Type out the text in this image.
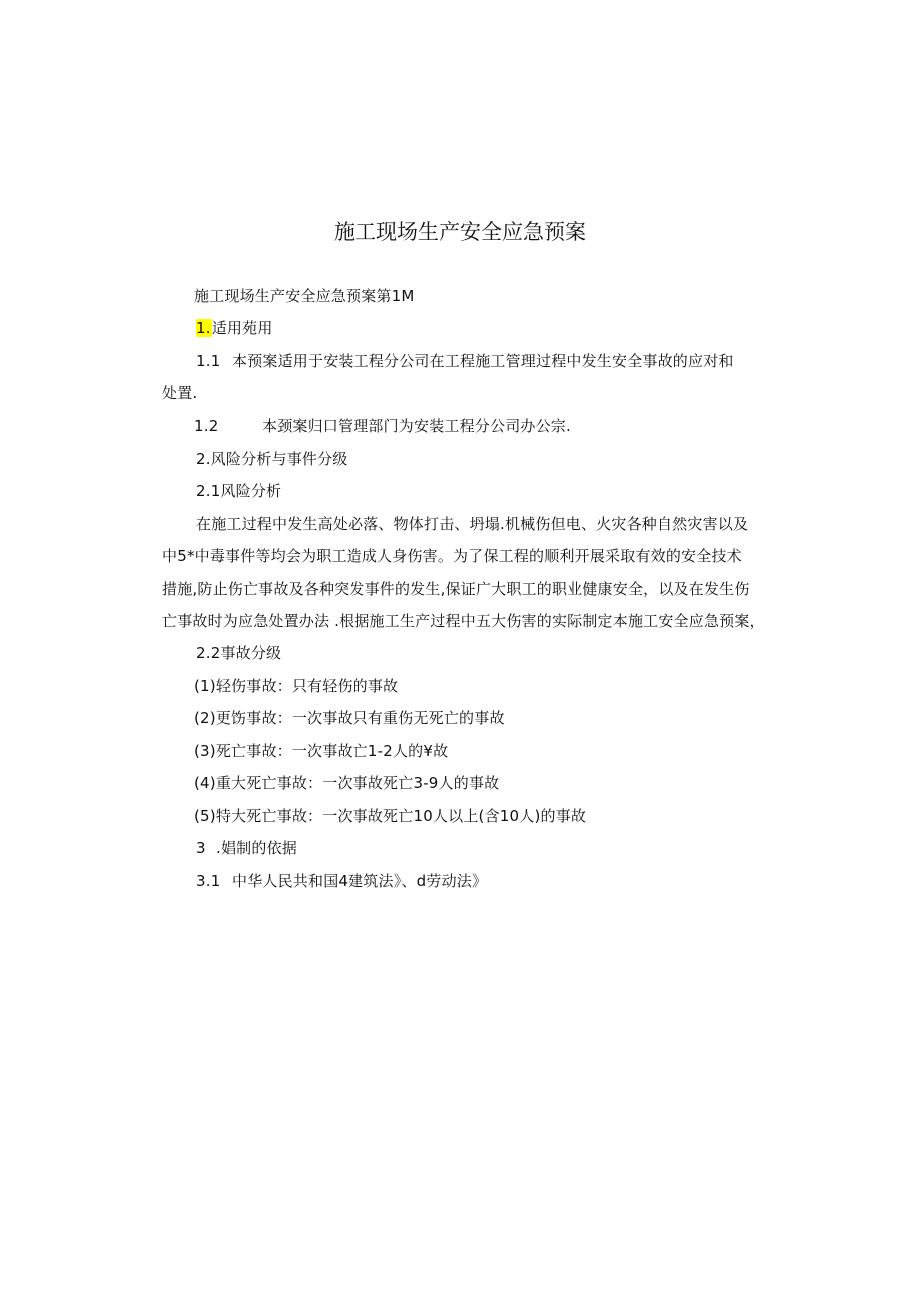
施工现场生产安全应急预案
施工现场生产安全应急预案第1M
1.适用苑用
1.1 本预案适用于安装工程分公司在工程施工管理过程中发生安全事故的应对和
处置.
1.2	本颈案归口管理部门为安装工程分公司办公宗.
2.风险分析与事件分级
2.1风险分析
在施工过程中发生高处必落、物体打击、坍塌.机械伤但电、火灾各种自然灾害以及
中5*中毒事件等均会为职工造成人身伤害。为了保工程的顺利开展采取有效的安全技术
措施,防止伤亡事故及各种突发事件的发生,保证广大职工的职业健康安全，以及在发生伤
亡事故时为应急处置办法 .根据施工生产过程中五大伤害的实际制定本施工安全应急预案，
2.2事故分级
(1)轻伤事故：只有轻伤的事故
(2)更饬事故：一次事故只有重伤无死亡的事故
(3)死亡事故：一次事故亡1-2人的¥故
(4)重大死亡事故：一次事故死亡3-9人的事故
(5)特大死亡事故：一次事故死亡10人以上(含10人)的事故
3 .娼制的依据
3.1 中华人民共和国4建筑法》、d劳动法》
